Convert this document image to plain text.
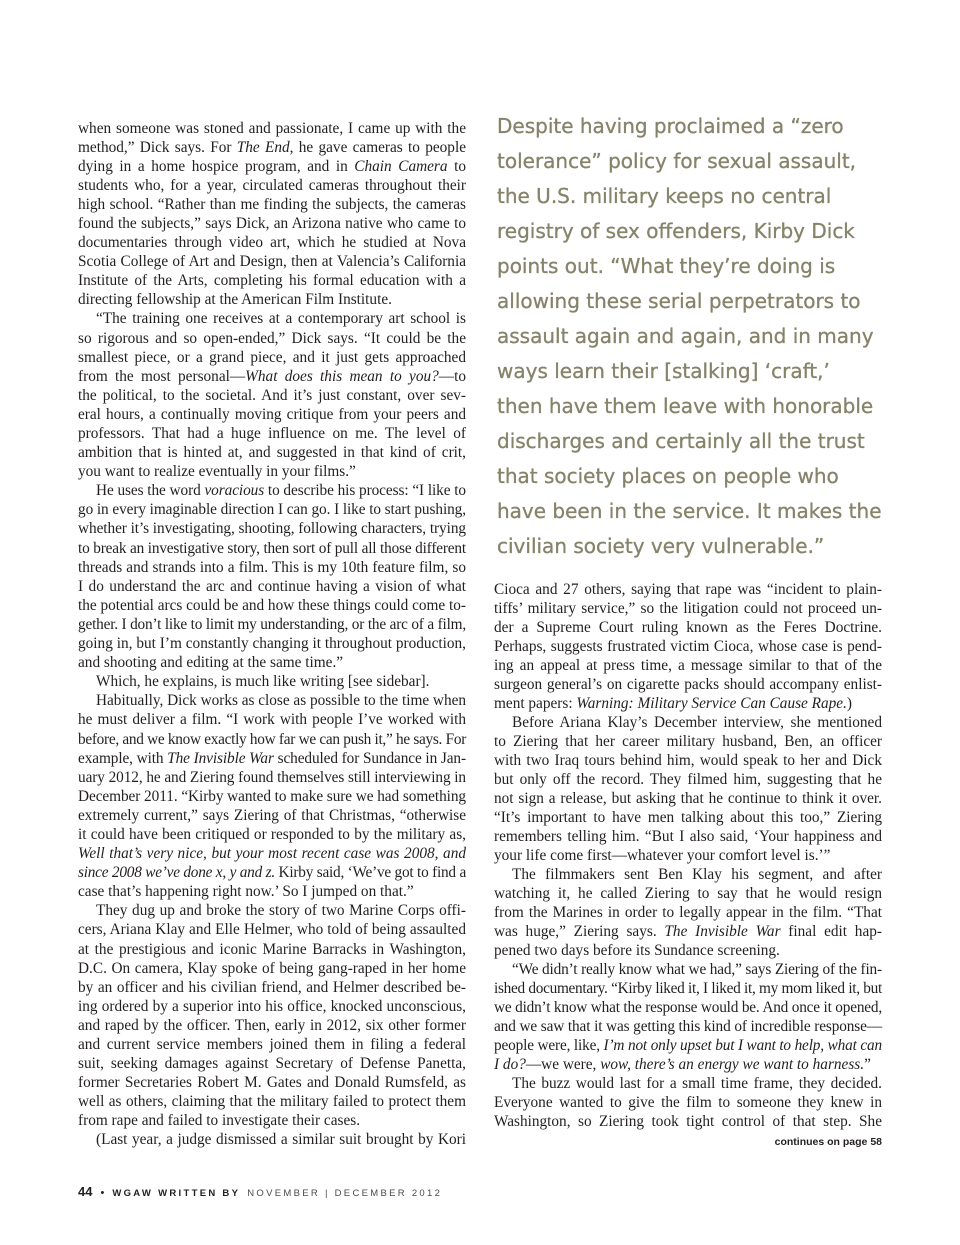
when someone was stoned and passionate, I came up with the
method,” Dick says. For The End, he gave cameras to people
dying in a home hospice program, and in Chain Camera to
students who, for a year, circulated cameras throughout their
high school. “Rather than me finding the subjects, the cameras
found the subjects,” says Dick, an Arizona native who came to
documentaries through video art, which he studied at Nova
Scotia College of Art and Design, then at Valencia’s California
Institute of the Arts, completing his formal education with a
directing fellowship at the American Film Institute.
“The training one receives at a contemporary art school is
so rigorous and so open-ended,” Dick says. “It could be the
smallest piece, or a grand piece, and it just gets approached
from the most personal—What does this mean to you?—to
the political, to the societal. And it’s just constant, over sev-
eral hours, a continually moving critique from your peers and
professors. That had a huge influence on me. The level of
ambition that is hinted at, and suggested in that kind of crit,
you want to realize eventually in your films.”
He uses the word voracious to describe his process: “I like to
go in every imaginable direction I can go. I like to start pushing,
whether it’s investigating, shooting, following characters, trying
to break an investigative story, then sort of pull all those different
threads and strands into a film. This is my 10th feature film, so
I do understand the arc and continue having a vision of what
the potential arcs could be and how these things could come to-
gether. I don’t like to limit my understanding, or the arc of a film,
going in, but I’m constantly changing it throughout production,
and shooting and editing at the same time.”
Which, he explains, is much like writing [see sidebar].
Habitually, Dick works as close as possible to the time when
he must deliver a film. “I work with people I’ve worked with
before, and we know exactly how far we can push it,” he says. For
example, with The Invisible War scheduled for Sundance in Jan-
uary 2012, he and Ziering found themselves still interviewing in
December 2011. “Kirby wanted to make sure we had something
extremely current,” says Ziering of that Christmas, “otherwise
it could have been critiqued or responded to by the military as,
Well that’s very nice, but your most recent case was 2008, and
since 2008 we’ve done x, y and z. Kirby said, ‘We’ve got to find a
case that’s happening right now.’ So I jumped on that.”
They dug up and broke the story of two Marine Corps offi-
cers, Ariana Klay and Elle Helmer, who told of being assaulted
at the prestigious and iconic Marine Barracks in Washington,
D.C. On camera, Klay spoke of being gang-raped in her home
by an officer and his civilian friend, and Helmer described be-
ing ordered by a superior into his office, knocked unconscious,
and raped by the officer. Then, early in 2012, six other former
and current service members joined them in filing a federal
suit, seeking damages against Secretary of Defense Panetta,
former Secretaries Robert M. Gates and Donald Rumsfeld, as
well as others, claiming that the military failed to protect them
from rape and failed to investigate their cases.
(Last year, a judge dismissed a similar suit brought by Kori
Despite having proclaimed a “zero
tolerance” policy for sexual assault,
the U.S. military keeps no central
registry of sex offenders, Kirby Dick
points out. “What they’re doing is
allowing these serial perpetrators to
assault again and again, and in many
ways learn their [stalking] ‘craft,’
then have them leave with honorable
discharges and certainly all the trust
that society places on people who
have been in the service. It makes the
civilian society very vulnerable.”
Cioca and 27 others, saying that rape was “incident to plain-
tiffs’ military service,” so the litigation could not proceed un-
der a Supreme Court ruling known as the Feres Doctrine.
Perhaps, suggests frustrated victim Cioca, whose case is pend-
ing an appeal at press time, a message similar to that of the
surgeon general’s on cigarette packs should accompany enlist-
ment papers: Warning: Military Service Can Cause Rape.)
Before Ariana Klay’s December interview, she mentioned
to Ziering that her career military husband, Ben, an officer
with two Iraq tours behind him, would speak to her and Dick
but only off the record. They filmed him, suggesting that he
not sign a release, but asking that he continue to think it over.
“It’s important to have men talking about this too,” Ziering
remembers telling him. “But I also said, ‘Your happiness and
your life come first—whatever your comfort level is.’”
The filmmakers sent Ben Klay his segment, and after
watching it, he called Ziering to say that he would resign
from the Marines in order to legally appear in the film. “That
was huge,” Ziering says. The Invisible War final edit hap-
pened two days before its Sundance screening.
“We didn’t really know what we had,” says Ziering of the fin-
ished documentary. “Kirby liked it, I liked it, my mom liked it, but
we didn’t know what the response would be. And once it opened,
and we saw that it was getting this kind of incredible response—
people were, like, I’m not only upset but I want to help, what can
I do?—we were, wow, there’s an energy we want to harness.”
The buzz would last for a small time frame, they decided.
Everyone wanted to give the film to someone they knew in
Washington, so Ziering took tight control of that step. She
continues on page 58
44 • WGAW WRITTEN BY NOVEMBER | DECEMBER 2012
